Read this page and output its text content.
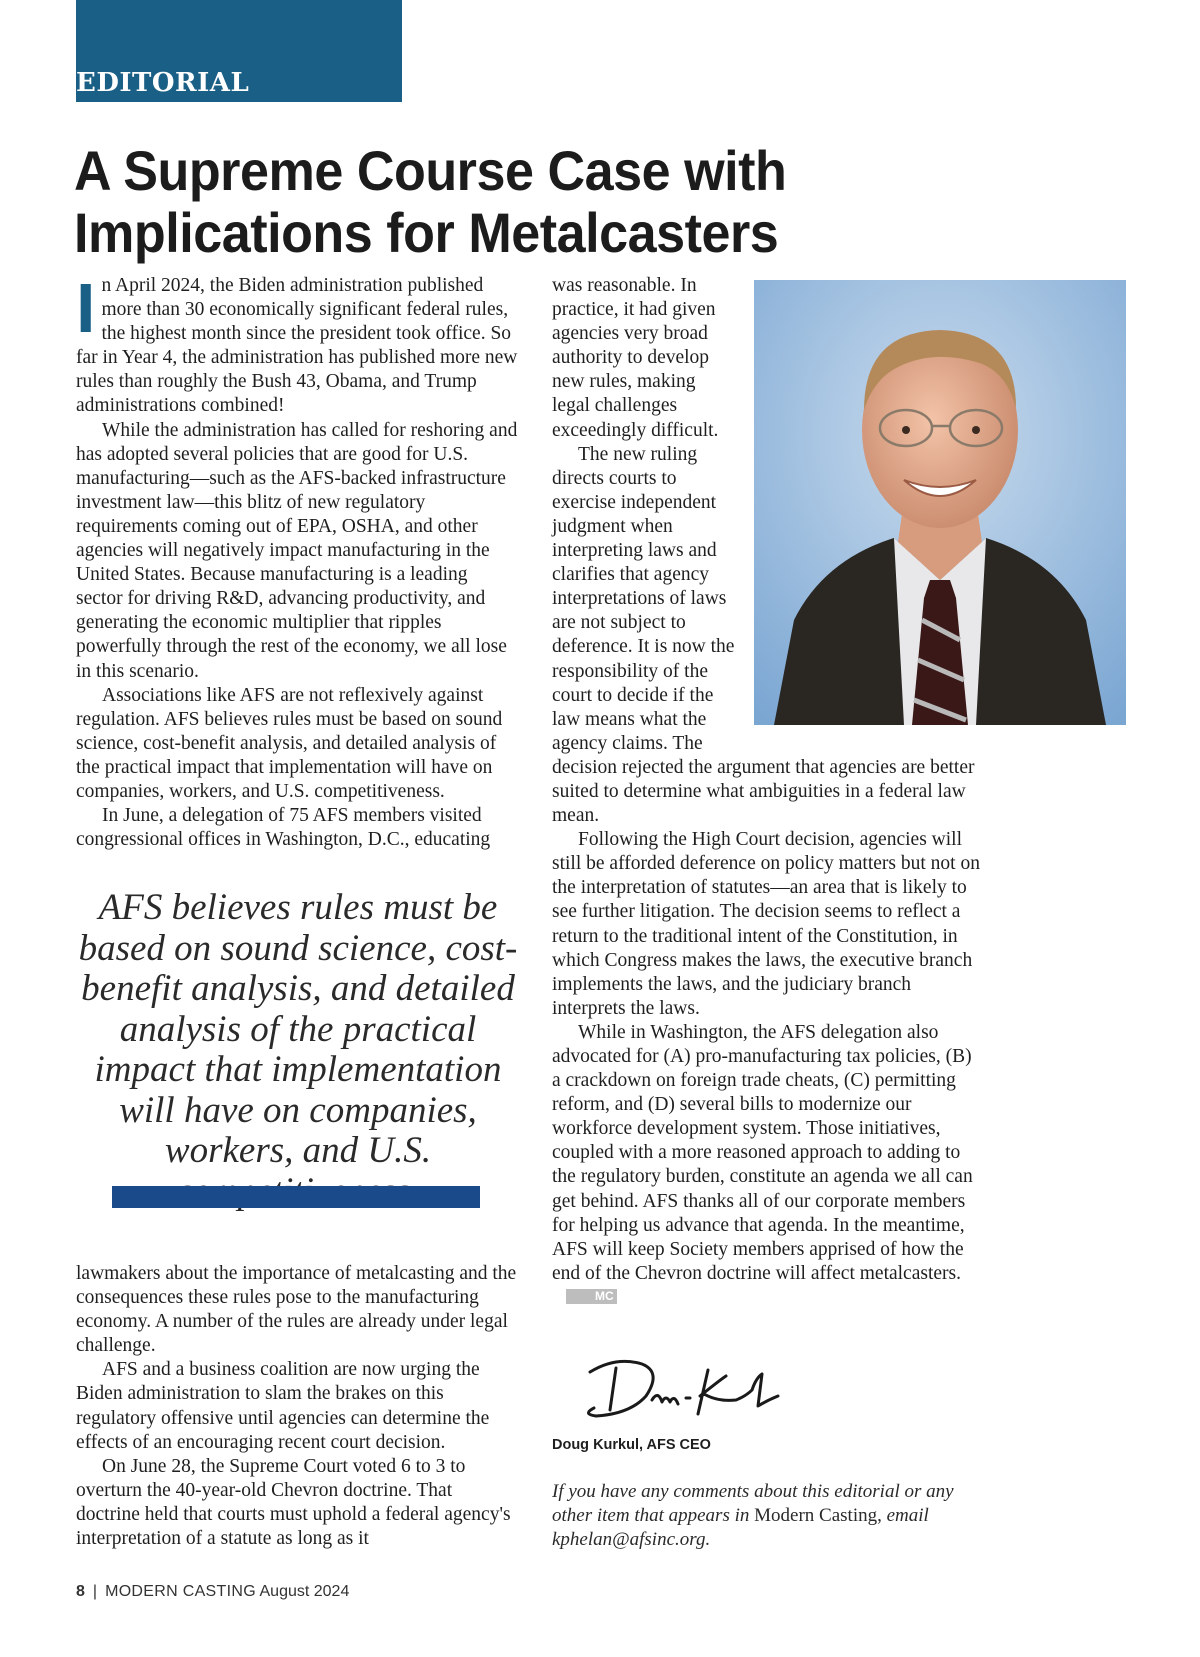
EDITORIAL
A Supreme Course Case with Implications for Metalcasters

In April 2024, the Biden administration published more than 30 economically significant federal rules, the highest month since the president took office. So far in Year 4, the administration has published more new rules than roughly the Bush 43, Obama, and Trump administrations combined!

While the administration has called for reshoring and has adopted several policies that are good for U.S. manufacturing—such as the AFS-backed infrastructure investment law—this blitz of new regulatory requirements coming out of EPA, OSHA, and other agencies will negatively impact manufacturing in the United States. Because manufacturing is a leading sector for driving R&D, advancing productivity, and generating the economic multiplier that ripples powerfully through the rest of the economy, we all lose in this scenario.

Associations like AFS are not reflexively against regulation. AFS believes rules must be based on sound science, cost-benefit analysis, and detailed analysis of the practical impact that implementation will have on companies, workers, and U.S. competitiveness.

In June, a delegation of 75 AFS members visited congressional offices in Washington, D.C., educating

AFS believes rules must be based on sound science, cost-benefit analysis, and detailed analysis of the practical impact that implementation will have on companies, workers, and U.S.

lawmakers about the importance of metalcasting and the consequences these rules pose to the manufacturing economy. A number of the rules are already under legal challenge.

AFS and a business coalition are now urging the Biden administration to slam the brakes on this regulatory offensive until agencies can determine the effects of an encouraging recent court decision.

On June 28, the Supreme Court voted 6 to 3 to overturn the 40-year-old Chevron doctrine. That doctrine held that courts must uphold a federal agency's interpretation of a statute as long as it

was reasonable. In practice, it had given agencies very broad authority to develop new rules, making legal challenges exceedingly difficult.

The new ruling directs courts to exercise independent judgment when interpreting laws and clarifies that agency interpretations of laws are not subject to deference. It is now the responsibility of the court to decide if the law means what the agency claims. The decision rejected the argument that agencies are better suited to determine what ambiguities in a federal law mean.

Following the High Court decision, agencies will still be afforded deference on policy matters but not on the interpretation of statutes—an area that is likely to see further litigation. The decision seems to reflect a return to the traditional intent of the Constitution, in which Congress makes the laws, the executive branch implements the laws, and the judiciary branch interprets the laws.

While in Washington, the AFS delegation also advocated for (A) pro-manufacturing tax policies, (B) a crackdown on foreign trade cheats, (C) permitting reform, and (D) several bills to modernize our workforce development system. Those initiatives, coupled with a more reasoned approach to adding to the regulatory burden, constitute an agenda we all can get behind. AFS thanks all of our corporate members for helping us advance that agenda. In the meantime, AFS will keep Society members apprised of how the end of the Chevron doctrine will affect metalcasters.MC

Doug Kurkul, AFS CEO
If you have any comments about this editorial or any other item that appears in Modern Casting, email kphelan@afsinc.org.
8 | MODERN CASTING August 2024
